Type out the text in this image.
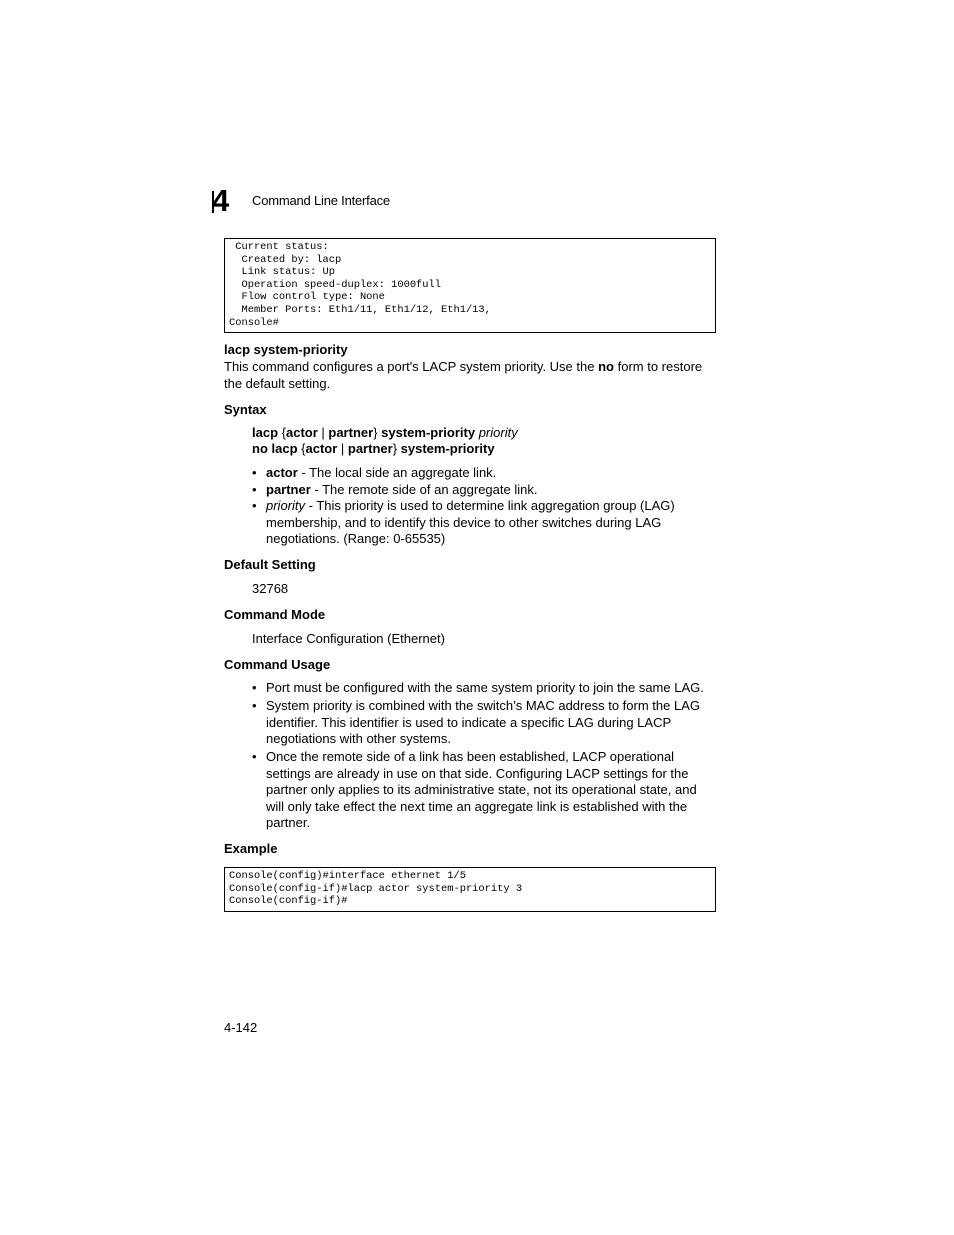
4	Command Line Interface
Current status:
Created by: lacp
Link status: Up
Operation speed-duplex: 1000full
Flow control type: None
Member Ports: Eth1/11, Eth1/12, Eth1/13,
Console#
lacp system-priority
This command configures a port's LACP system priority. Use the no form to restore the default setting.
Syntax
lacp {actor | partner} system-priority priority
no lacp {actor | partner} system-priority
• actor - The local side an aggregate link.
• partner - The remote side of an aggregate link.
• priority - This priority is used to determine link aggregation group (LAG) membership, and to identify this device to other switches during LAG negotiations. (Range: 0-65535)
Default Setting
32768
Command Mode
Interface Configuration (Ethernet)
Command Usage
• Port must be configured with the same system priority to join the same LAG.
• System priority is combined with the switch’s MAC address to form the LAG identifier. This identifier is used to indicate a specific LAG during LACP negotiations with other systems.
• Once the remote side of a link has been established, LACP operational settings are already in use on that side. Configuring LACP settings for the partner only applies to its administrative state, not its operational state, and will only take effect the next time an aggregate link is established with the partner.
Example
Console(config)#interface ethernet 1/5
Console(config-if)#lacp actor system-priority 3
Console(config-if)#
4-142
